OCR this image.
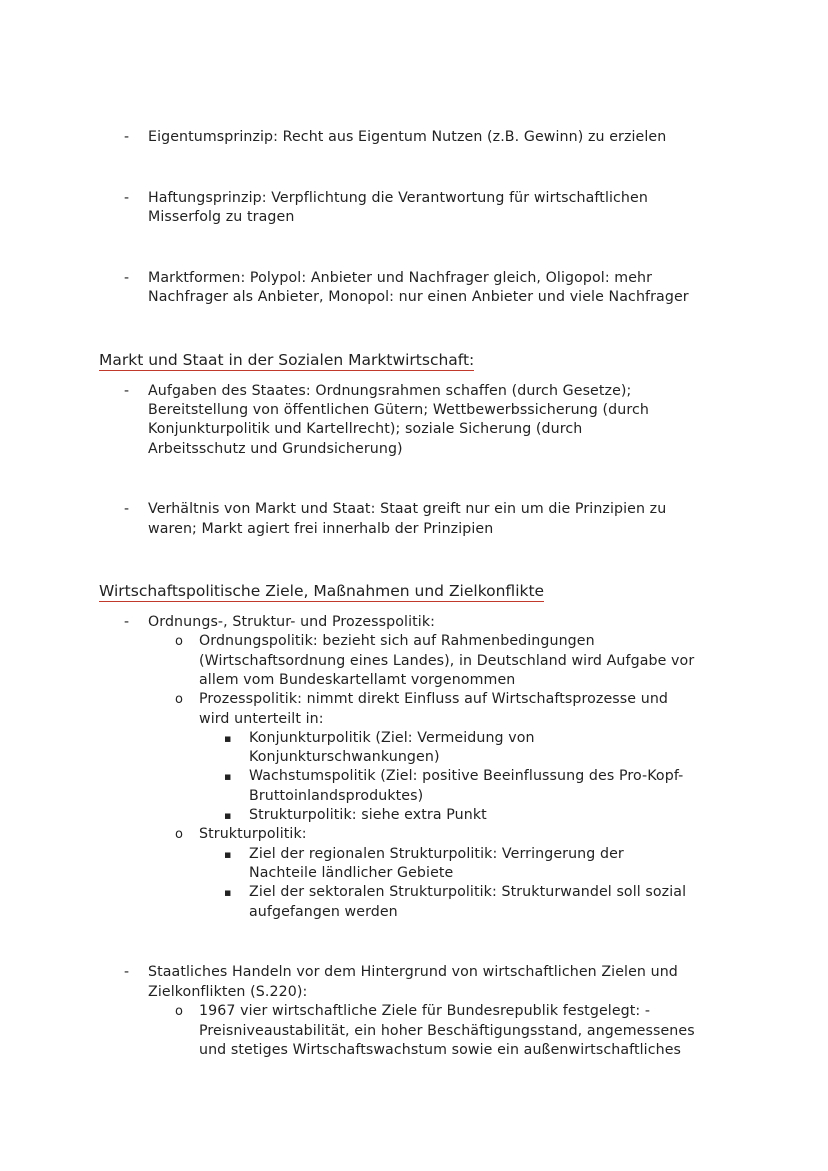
- Eigentumsprinzip: Recht aus Eigentum Nutzen (z.B. Gewinn) zu erzielen
- Haftungsprinzip: Verpflichtung die Verantwortung für wirtschaftlichen
Misserfolg zu tragen
- Marktformen: Polypol: Anbieter und Nachfrager gleich, Oligopol: mehr
Nachfrager als Anbieter, Monopol: nur einen Anbieter und viele Nachfrager
Markt und Staat in der Sozialen Marktwirtschaft:
- Aufgaben des Staates: Ordnungsrahmen schaffen (durch Gesetze);
Bereitstellung von öffentlichen Gütern; Wettbewerbssicherung (durch
Konjunkturpolitik und Kartellrecht); soziale Sicherung (durch
Arbeitsschutz und Grundsicherung)
- Verhältnis von Markt und Staat: Staat greift nur ein um die Prinzipien zu
waren; Markt agiert frei innerhalb der Prinzipien
Wirtschaftspolitische Ziele, Maßnahmen und Zielkonflikte
- Ordnungs-, Struktur- und Prozesspolitik:
o Ordnungspolitik: bezieht sich auf Rahmenbedingungen
(Wirtschaftsordnung eines Landes), in Deutschland wird Aufgabe vor
allem vom Bundeskartellamt vorgenommen
o Prozesspolitik: nimmt direkt Einfluss auf Wirtschaftsprozesse und
wird unterteilt in:
▪ Konjunkturpolitik (Ziel: Vermeidung von
Konjunkturschwankungen)
▪ Wachstumspolitik (Ziel: positive Beeinflussung des Pro-Kopf-
Bruttoinlandsproduktes)
▪ Strukturpolitik: siehe extra Punkt
o Strukturpolitik:
▪ Ziel der regionalen Strukturpolitik: Verringerung der
Nachteile ländlicher Gebiete
▪ Ziel der sektoralen Strukturpolitik: Strukturwandel soll sozial
aufgefangen werden
- Staatliches Handeln vor dem Hintergrund von wirtschaftlichen Zielen und
Zielkonflikten (S.220):
o 1967 vier wirtschaftliche Ziele für Bundesrepublik festgelegt: -
Preisniveaustabilität, ein hoher Beschäftigungsstand, angemessenes
und stetiges Wirtschaftswachstum sowie ein außenwirtschaftliches
